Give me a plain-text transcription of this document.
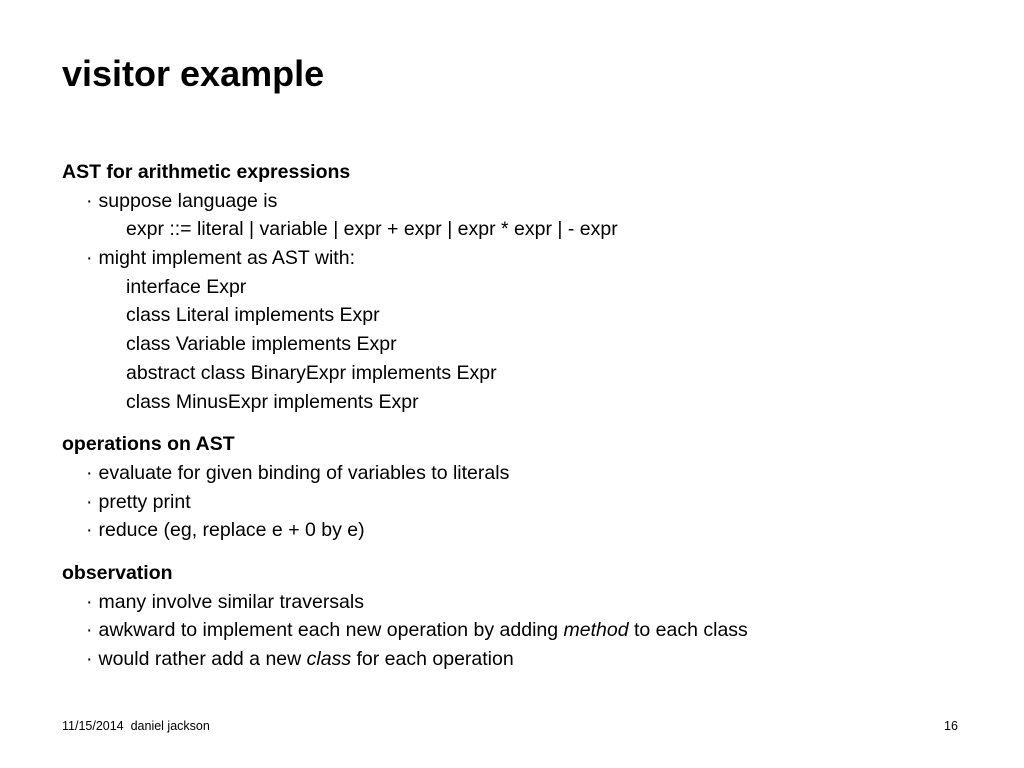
visitor example
AST for arithmetic expressions
· suppose language is
expr ::= literal | variable | expr + expr | expr * expr | - expr
· might implement as AST with:
interface Expr
class Literal implements Expr
class Variable implements Expr
abstract class BinaryExpr implements Expr
class MinusExpr implements Expr
operations on AST
· evaluate for given binding of variables to literals
· pretty print
· reduce (eg, replace e + 0 by e)
observation
· many involve similar traversals
· awkward to implement each new operation by adding method to each class
· would rather add a new class for each operation
11/15/2014 daniel jackson	16
